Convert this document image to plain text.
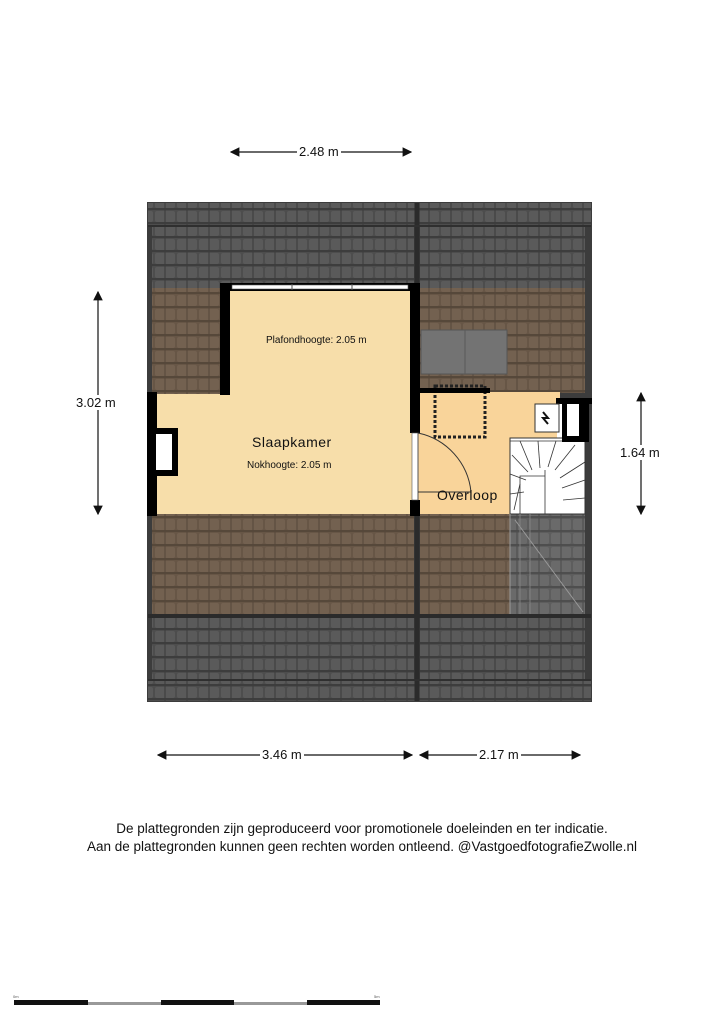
2.48 m
3.02 m
1.64 m
3.46 m	2.17 m
Plafondhoogte: 2.05 m
Slaapkamer
Nokhoogte: 2.05 m
Overloop
De plattegronden zijn geproduceerd voor promotionele doeleinden en ter indicatie.
Aan de plattegronden kunnen geen rechten worden ontleend. @VastgoedfotografieZwolle.nl
0m	5m
